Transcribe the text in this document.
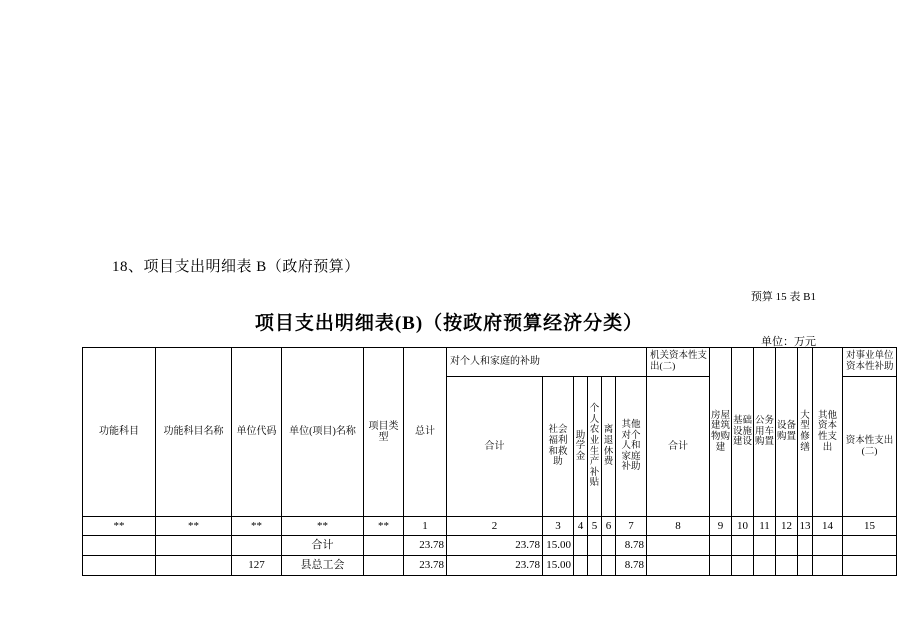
18、项目支出明细表 B（政府预算）
预算 15 表 B1
项目支出明细表(B)（按政府预算经济分类）
单位：万元
功能科目	功能科目名称	单位代码	单位(项目)名称	项目类型	总计	对个人和家庭的补助						机关资本性支出(二)	房屋建筑物购建	基础设施建设	公务用车购置	设备购置	大型修缮	其他资本性支出	对事业单位资本性补助

						合计	社会福利和救助	助学金	个人农业生产补贴	离退休费	其他对个人和家庭补助	合计							资本性支出(二)

**	**	**	**	**	1	2	3	4	5	6	7	8	9	10	11	12	13	14	15
			合计		23.78	23.78	15.00				8.78								
		127	县总工会		23.78	23.78	15.00				8.78								
